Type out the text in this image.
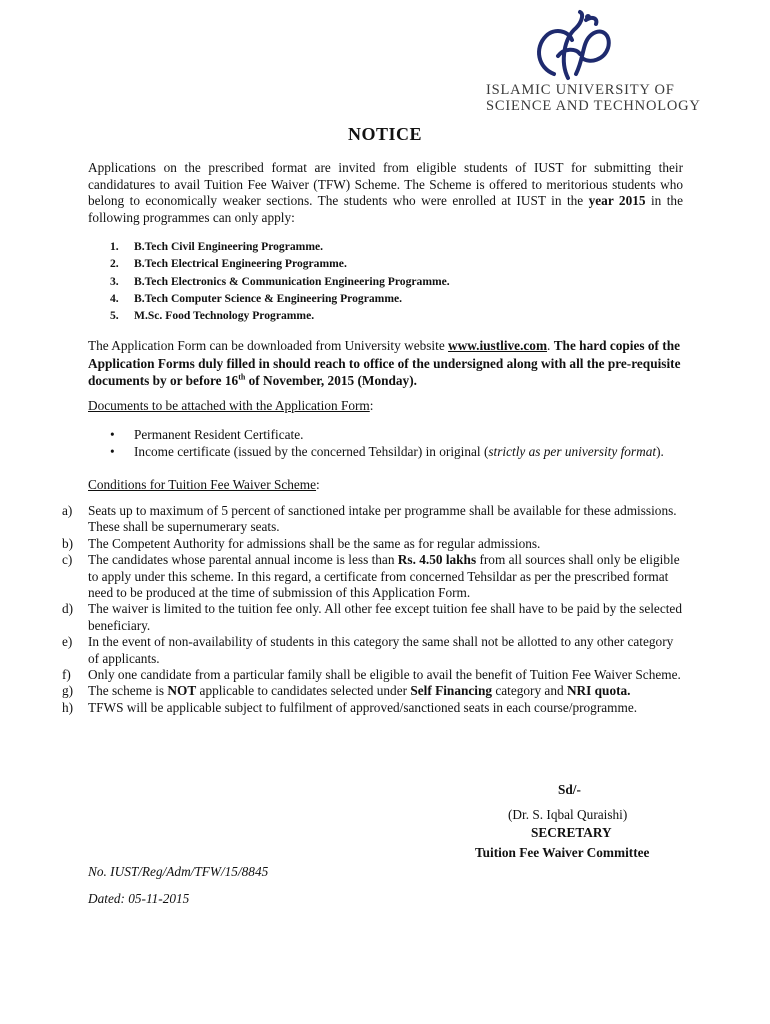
ISLAMIC UNIVERSITY OF
SCIENCE AND TECHNOLOGY
NOTICE
Applications on the prescribed format are invited from eligible students of IUST for submitting their candidatures to avail Tuition Fee Waiver (TFW) Scheme. The Scheme is offered to meritorious students who belong to economically weaker sections. The students who were enrolled at IUST in the year 2015 in the following programmes can only apply:
1. B.Tech Civil Engineering Programme.
2. B.Tech Electrical Engineering Programme.
3. B.Tech Electronics & Communication Engineering Programme.
4. B.Tech Computer Science & Engineering Programme.
5. M.Sc. Food Technology Programme.
The Application Form can be downloaded from University website www.iustlive.com. The hard copies of the Application Forms duly filled in should reach to office of the undersigned along with all the pre-requisite documents by or before 16th of November, 2015 (Monday).
Documents to be attached with the Application Form:
• Permanent Resident Certificate.
• Income certificate (issued by the concerned Tehsildar) in original (strictly as per university format).
Conditions for Tuition Fee Waiver Scheme:
a) Seats up to maximum of 5 percent of sanctioned intake per programme shall be available for these admissions. These shall be supernumerary seats.
b) The Competent Authority for admissions shall be the same as for regular admissions.
c) The candidates whose parental annual income is less than Rs. 4.50 lakhs from all sources shall only be eligible to apply under this scheme. In this regard, a certificate from concerned Tehsildar as per the prescribed format need to be produced at the time of submission of this Application Form.
d) The waiver is limited to the tuition fee only. All other fee except tuition fee shall have to be paid by the selected beneficiary.
e) In the event of non-availability of students in this category the same shall not be allotted to any other category of applicants.
f) Only one candidate from a particular family shall be eligible to avail the benefit of Tuition Fee Waiver Scheme.
g) The scheme is NOT applicable to candidates selected under Self Financing category and NRI quota.
h) TFWS will be applicable subject to fulfilment of approved/sanctioned seats in each course/programme.
Sd/-
(Dr. S. Iqbal Quraishi)
SECRETARY
Tuition Fee Waiver Committee
No. IUST/Reg/Adm/TFW/15/8845
Dated: 05-11-2015
